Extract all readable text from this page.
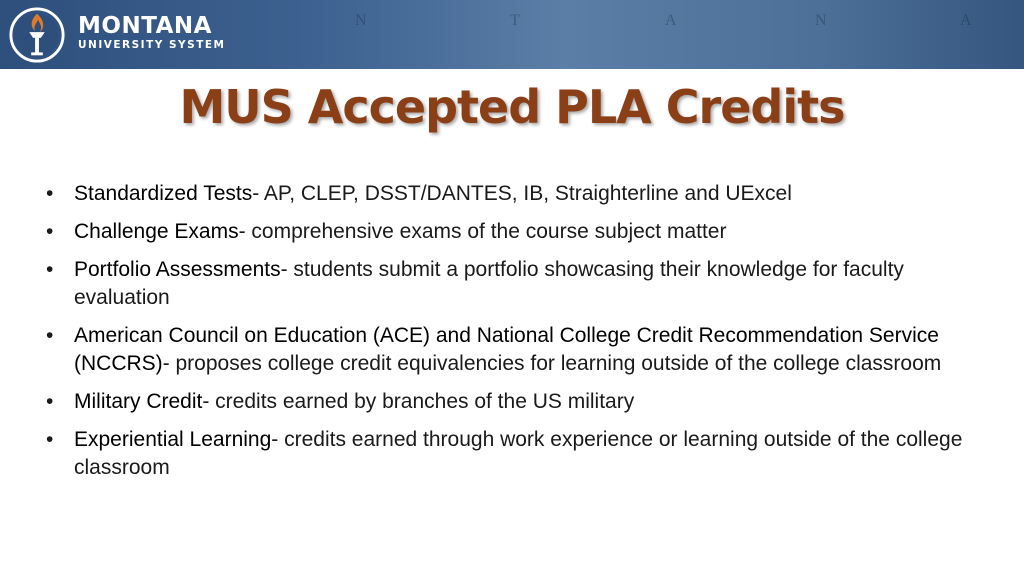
N	T	A	N	A
MONTANA
UNIVERSITY SYSTEM
MUS Accepted PLA Credits
• Standardized Tests- AP, CLEP, DSST/DANTES, IB, Straighterline and UExcel
• Challenge Exams- comprehensive exams of the course subject matter
• Portfolio Assessments- students submit a portfolio showcasing their knowledge for faculty evaluation
• American Council on Education (ACE) and National College Credit Recommendation Service (NCCRS)- proposes college credit equivalencies for learning outside of the college classroom
• Military Credit- credits earned by branches of the US military
• Experiential Learning- credits earned through work experience or learning outside of the college classroom
